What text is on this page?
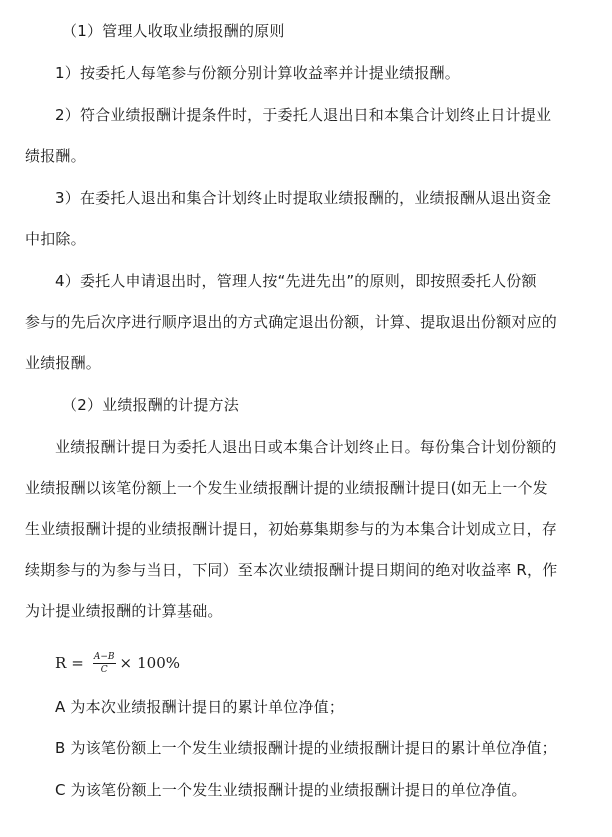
（1）管理人收取业绩报酬的原则
1）按委托人每笔参与份额分别计算收益率并计提业绩报酬。
2）符合业绩报酬计提条件时，于委托人退出日和本集合计划终止日计提业
绩报酬。
3）在委托人退出和集合计划终止时提取业绩报酬的，业绩报酬从退出资金
中扣除。
4）委托人申请退出时，管理人按“先进先出”的原则，即按照委托人份额
参与的先后次序进行顺序退出的方式确定退出份额，计算、提取退出份额对应的
业绩报酬。
（2）业绩报酬的计提方法
业绩报酬计提日为委托人退出日或本集合计划终止日。每份集合计划份额的
业绩报酬以该笔份额上一个发生业绩报酬计提的业绩报酬计提日(如无上一个发
生业绩报酬计提的业绩报酬计提日，初始募集期参与的为本集合计划成立日，存
续期参与的为参与当日，下同）至本次业绩报酬计提日期间的绝对收益率 R，作
为计提业绩报酬的计算基础。
$R = \frac{A-B}{C} \times 100\%$
A 为本次业绩报酬计提日的累计单位净值；
B 为该笔份额上一个发生业绩报酬计提的业绩报酬计提日的累计单位净值；
C 为该笔份额上一个发生业绩报酬计提的业绩报酬计提日的单位净值。
